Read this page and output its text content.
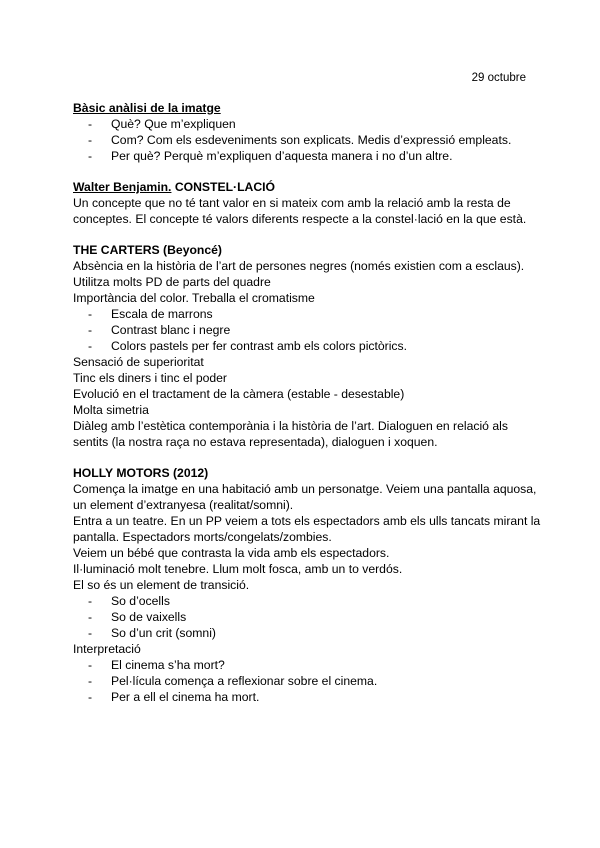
29 octubre

Bàsic anàlisi de la imatge

- Què? Que m’expliquen
- Com? Com els esdeveniments son explicats. Medis d’expressió empleats.
- Per què? Perquè m’expliquen d’aquesta manera i no d’un altre.

Walter Benjamin. CONSTEL·LACIÓ

Un concepte que no té tant valor en si mateix com amb la relació amb la resta de conceptes. El concepte té valors diferents respecte a la constel·lació en la que està.

THE CARTERS (Beyoncé)

Absència en la història de l’art de persones negres (només existien com a esclaus).

Utilitza molts PD de parts del quadre

Importància del color. Treballa el cromatisme

- Escala de marrons
- Contrast blanc i negre
- Colors pastels per fer contrast amb els colors pictòrics.

Sensació de superioritat

Tinc els diners i tinc el poder

Evolució en el tractament de la càmera (estable - desestable)

Molta simetria

Diàleg amb l’estètica contemporània i la història de l’art. Dialoguen en relació als sentits (la nostra raça no estava representada), dialoguen i xoquen.

HOLLY MOTORS (2012)

Comença la imatge en una habitació amb un personatge. Veiem una pantalla aquosa, un element d’extranyesa (realitat/somni).

Entra a un teatre. En un PP veiem a tots els espectadors amb els ulls tancats mirant la pantalla. Espectadors morts/congelats/zombies.

Veiem un bébé que contrasta la vida amb els espectadors.

Il·luminació molt tenebre. Llum molt fosca, amb un to verdós.

El so és un element de transició.

- So d’ocells
- So de vaixells
- So d’un crit (somni)

Interpretació

- El cinema s’ha mort?
- Pel·lícula comença a reflexionar sobre el cinema.
- Per a ell el cinema ha mort.
